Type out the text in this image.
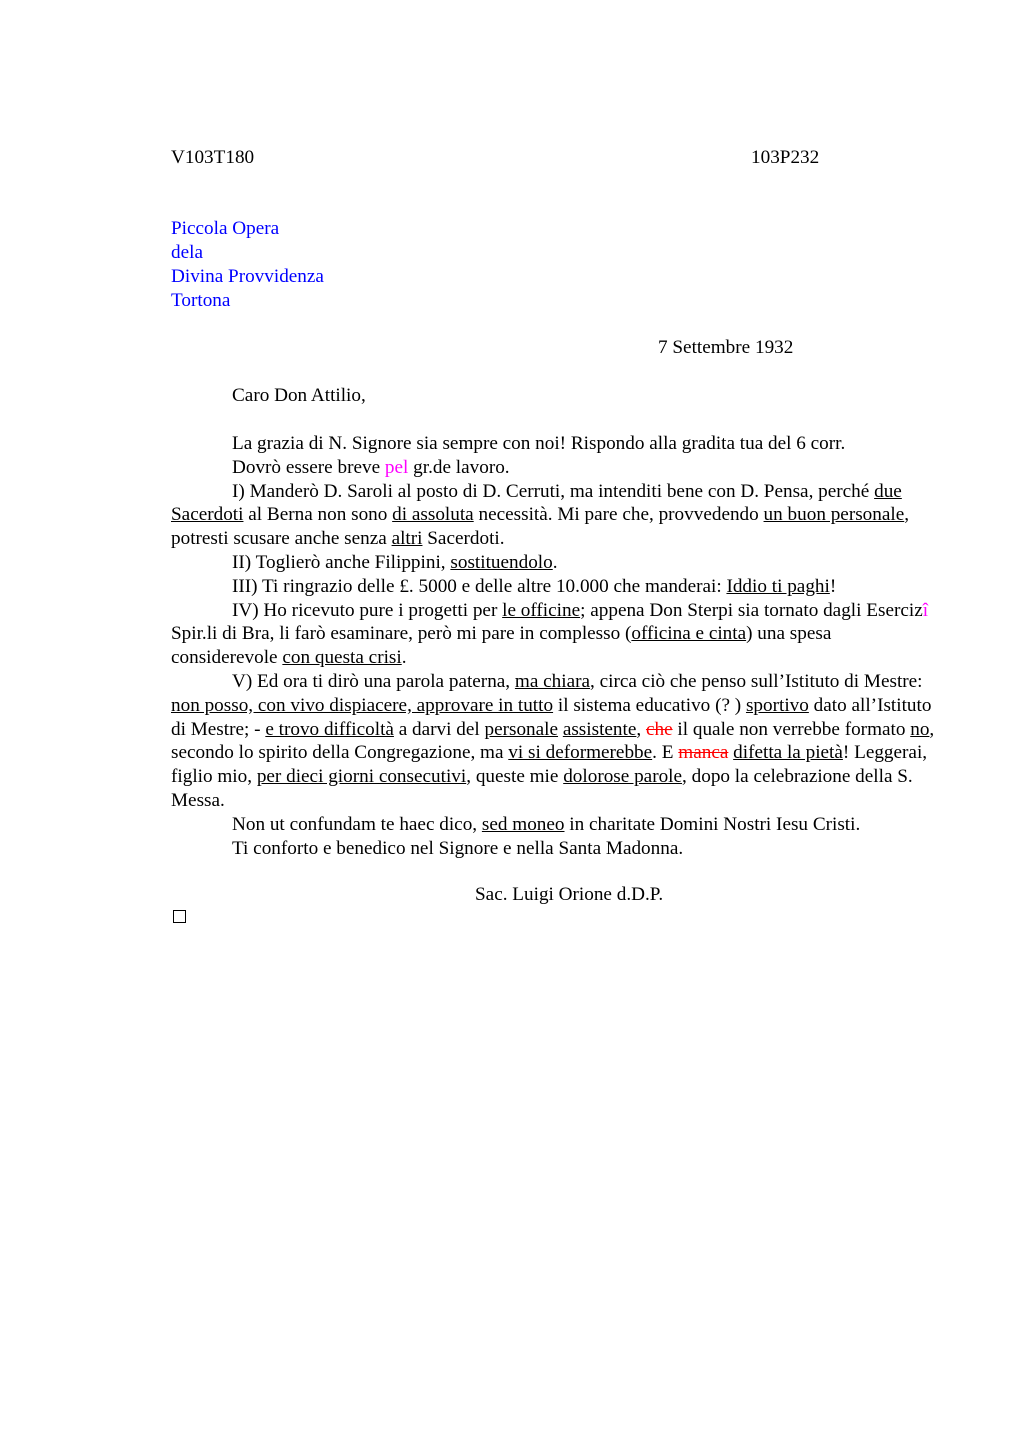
V103T180	103P232
Piccola Opera
dela
Divina Provvidenza
Tortona
7 Settembre 1932
Caro Don Attilio,

La grazia di N. Signore sia sempre con noi! Rispondo alla gradita tua del 6 corr.

Dovrò essere breve pel gr.de lavoro.

I) Manderò D. Saroli al posto di D. Cerruti, ma intenditi bene con D. Pensa, perché due Sacerdoti al Berna non sono di assoluta necessità. Mi pare che, provvedendo un buon personale, potresti scusare anche senza altri Sacerdoti.

II) Toglierò anche Filippini, sostituendolo.

III) Ti ringrazio delle £. 5000 e delle altre 10.000 che manderai: Iddio ti paghi!

IV) Ho ricevuto pure i progetti per le officine; appena Don Sterpi sia tornato dagli Esercizî Spir.li di Bra, li farò esaminare, però mi pare in complesso (officina e cinta) una spesa considerevole con questa crisi.

V) Ed ora ti dirò una parola paterna, ma chiara, circa ciò che penso sull’Istituto di Mestre: non posso, con vivo dispiacere, approvare in tutto il sistema educativo (? ) sportivo dato all’Istituto di Mestre; - e trovo difficoltà a darvi del personale assistente, che il quale non verrebbe formato no, secondo lo spirito della Congregazione, ma vi si deformerebbe. E manca difetta la pietà! Leggerai, figlio mio, per dieci giorni consecutivi, queste mie dolorose parole, dopo la celebrazione della S. Messa.

Non ut confundam te haec dico, sed moneo in charitate Domini Nostri Iesu Cristi.

Ti conforto e benedico nel Signore e nella Santa Madonna.

Sac. Luigi Orione d.D.P.
